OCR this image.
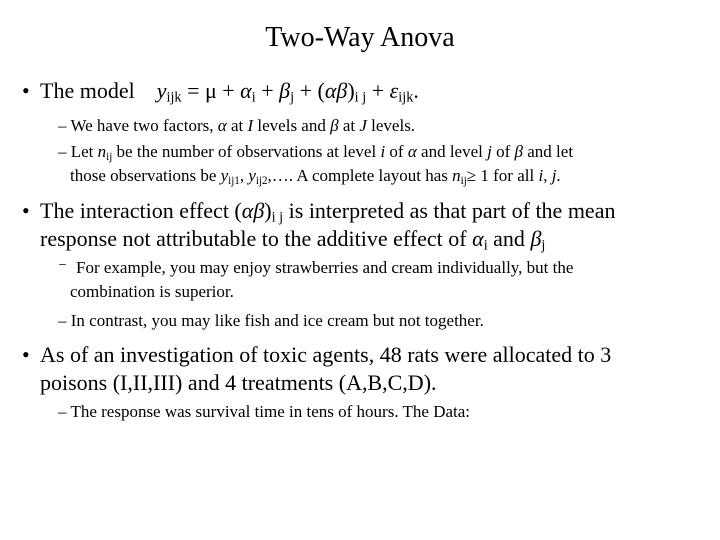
Two-Way Anova
• The model $y_{ijk} = \mu + \alpha_i + \beta_j + (\alpha\beta)_{i j} + \varepsilon_{ijk}$.
– We have two factors, α at I levels and β at J levels.
– Let $n_{ij}$ be the number of observations at level i of α and level j of β and let
those observations be $y_{ij1}$, $y_{ij2},\dots$. A complete layout has $n_{ij}\ge 1$ for all i, j.
• The interaction effect $(\alpha\beta)_{i j}$ is interpreted as that part of the mean
response not attributable to the additive effect of $\alpha_i$ and $\beta_j$
⁻ For example, you may enjoy strawberries and cream individually, but the
combination is superior.
– In contrast, you may like fish and ice cream but not together.
• As of an investigation of toxic agents, 48 rats were allocated to 3
poisons (I,II,III) and 4 treatments (A,B,C,D).
– The response was survival time in tens of hours. The Data:
